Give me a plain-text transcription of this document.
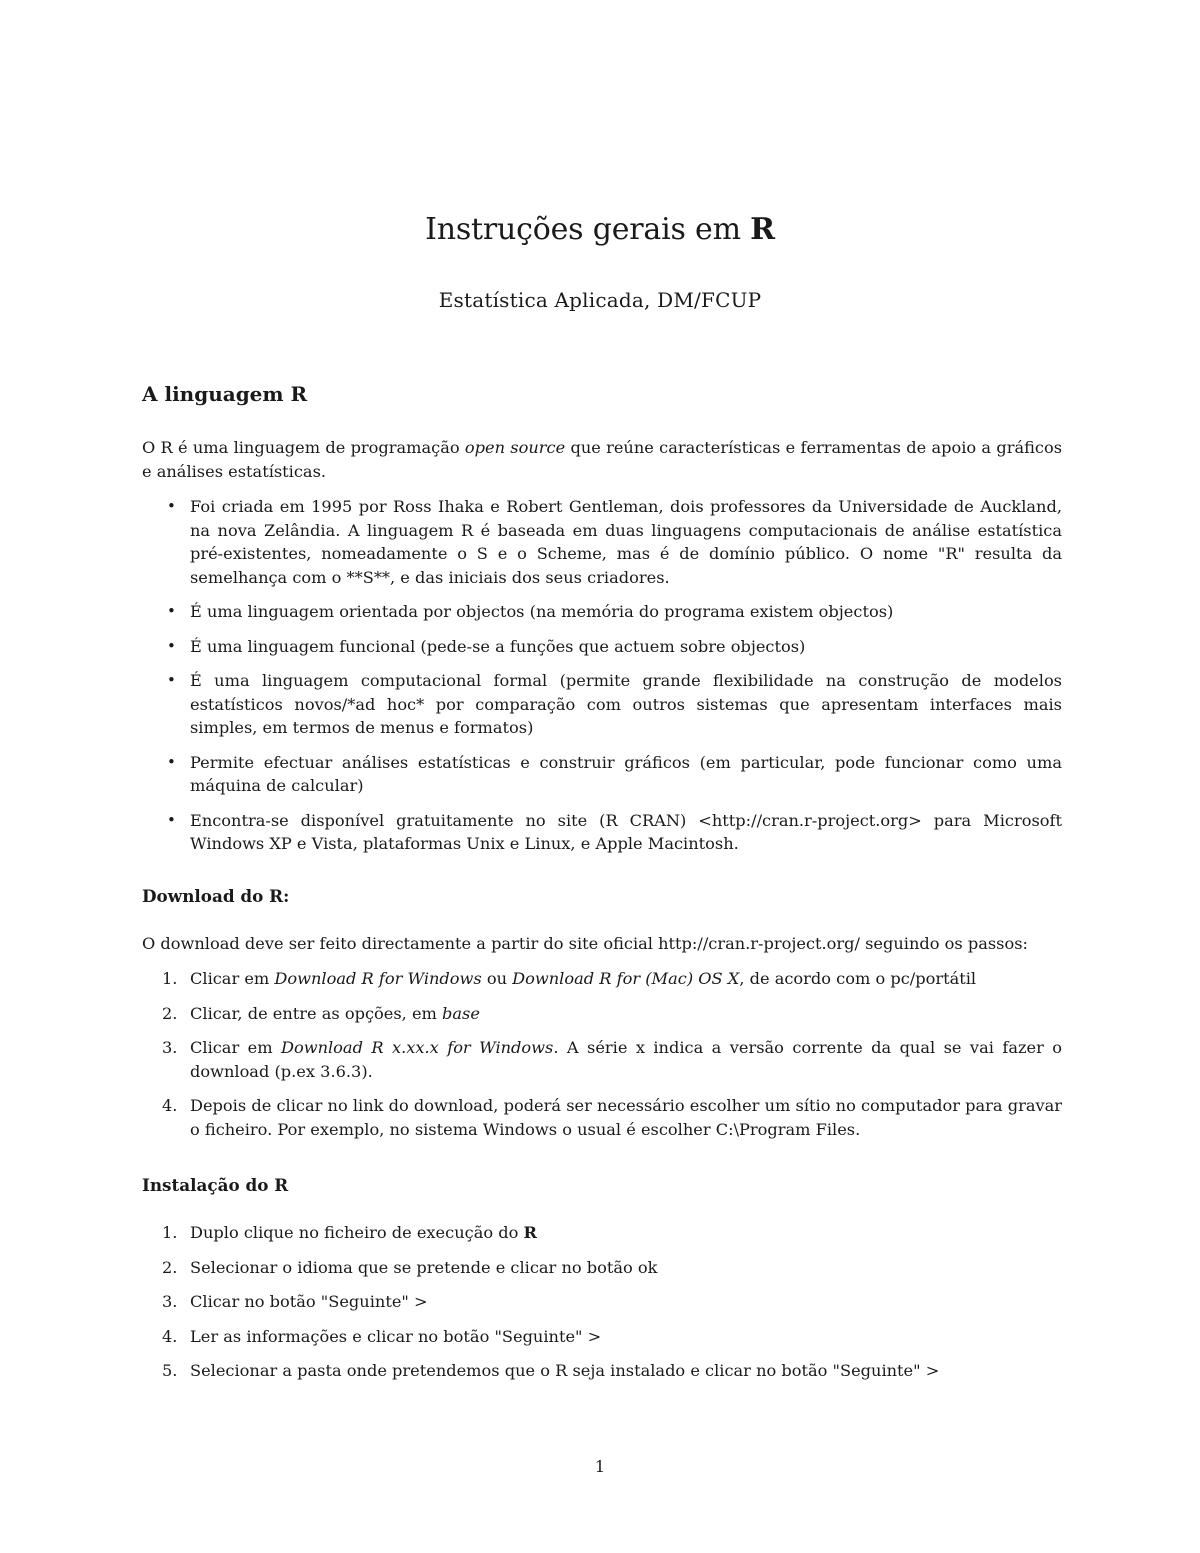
Instruções gerais em R
Estatística Aplicada, DM/FCUP
A linguagem R

O R é uma linguagem de programação open source que reúne características e ferramentas de apoio a gráficos e análises estatísticas.

• Foi criada em 1995 por Ross Ihaka e Robert Gentleman, dois professores da Universidade de Auckland, na nova Zelândia. A linguagem R é baseada em duas linguagens computacionais de análise estatística pré-existentes, nomeadamente o S e o Scheme, mas é de domínio público. O nome "R" resulta da semelhança com o **S**, e das iniciais dos seus criadores.
• É uma linguagem orientada por objectos (na memória do programa existem objectos)
• É uma linguagem funcional (pede-se a funções que actuem sobre objectos)
• É uma linguagem computacional formal (permite grande flexibilidade na construção de modelos estatísticos novos/*ad hoc* por comparação com outros sistemas que apresentam interfaces mais simples, em termos de menus e formatos)
• Permite efectuar análises estatísticas e construir gráficos (em particular, pode funcionar como uma máquina de calcular)
• Encontra-se disponível gratuitamente no site (R CRAN) <http://cran.r-project.org> para Microsoft Windows XP e Vista, plataformas Unix e Linux, e Apple Macintosh.
Download do R:

O download deve ser feito directamente a partir do site oficial http://cran.r-project.org/ seguindo os passos:

1. Clicar em Download R for Windows ou Download R for (Mac) OS X, de acordo com o pc/portátil
2. Clicar, de entre as opções, em base
3. Clicar em Download R x.xx.x for Windows. A série x indica a versão corrente da qual se vai fazer o download (p.ex 3.6.3).
4. Depois de clicar no link do download, poderá ser necessário escolher um sítio no computador para gravar o ficheiro. Por exemplo, no sistema Windows o usual é escolher C:\Program Files.
Instalação do R
1. Duplo clique no ficheiro de execução do R
2. Selecionar o idioma que se pretende e clicar no botão ok
3. Clicar no botão "Seguinte" >
4. Ler as informações e clicar no botão "Seguinte" >
5. Selecionar a pasta onde pretendemos que o R seja instalado e clicar no botão "Seguinte" >
1
